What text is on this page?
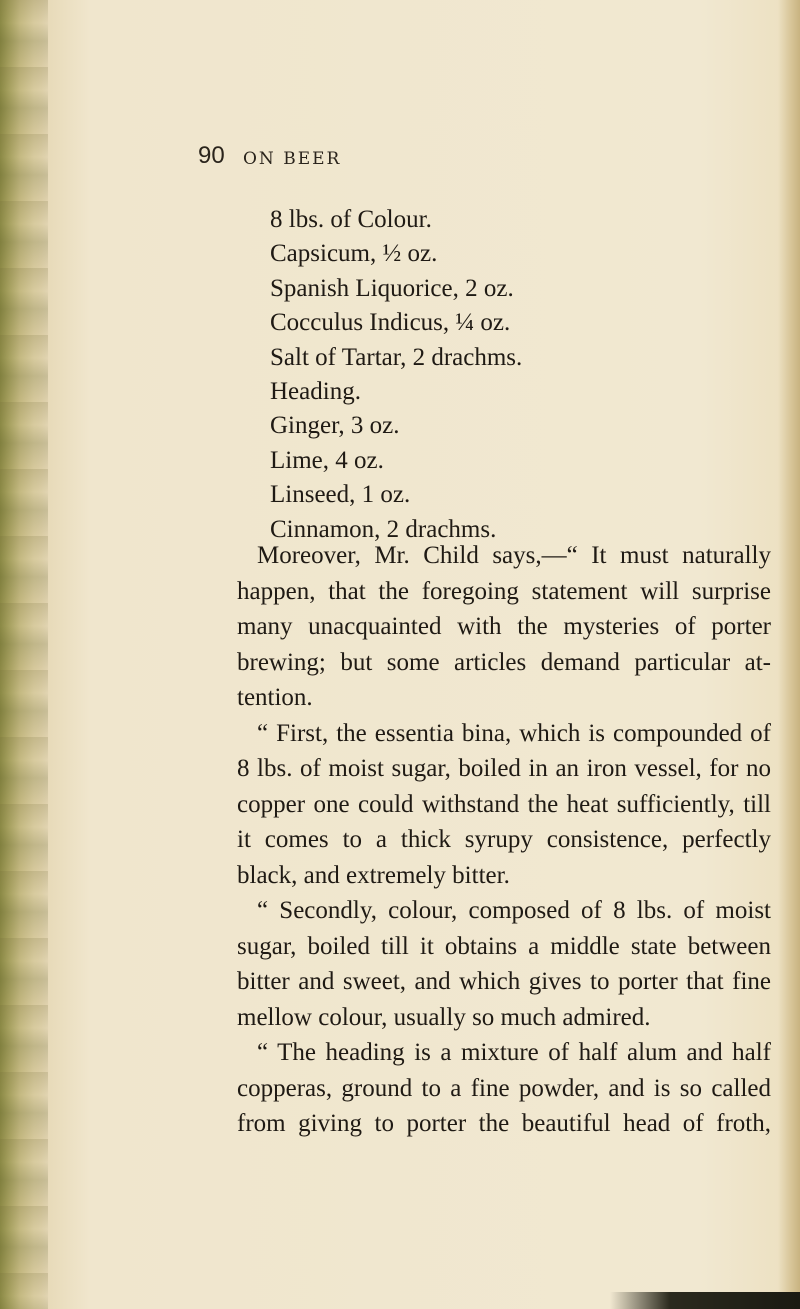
90 ON BEER

8 lbs. of Colour.
Capsicum, ½ oz.
Spanish Liquorice, 2 oz.
Cocculus Indicus, ¼ oz.
Salt of Tartar, 2 drachms.
Heading.
Ginger, 3 oz.
Lime, 4 oz.
Linseed, 1 oz.
Cinnamon, 2 drachms.

Moreover, Mr. Child says,—“ It must naturally
happen, that the foregoing statement will surprise
many unacquainted with the mysteries of porter
brewing; but some articles demand particular at-
tention.

“ First, the essentia bina, which is compounded of
8 lbs. of moist sugar, boiled in an iron vessel, for no
copper one could withstand the heat sufficiently, till
it comes to a thick syrupy consistence, perfectly
black, and extremely bitter.

“ Secondly, colour, composed of 8 lbs. of moist
sugar, boiled till it obtains a middle state between
bitter and sweet, and which gives to porter that fine
mellow colour, usually so much admired.

“ The heading is a mixture of half alum and half
copperas, ground to a fine powder, and is so called
from giving to porter the beautiful head of froth,
